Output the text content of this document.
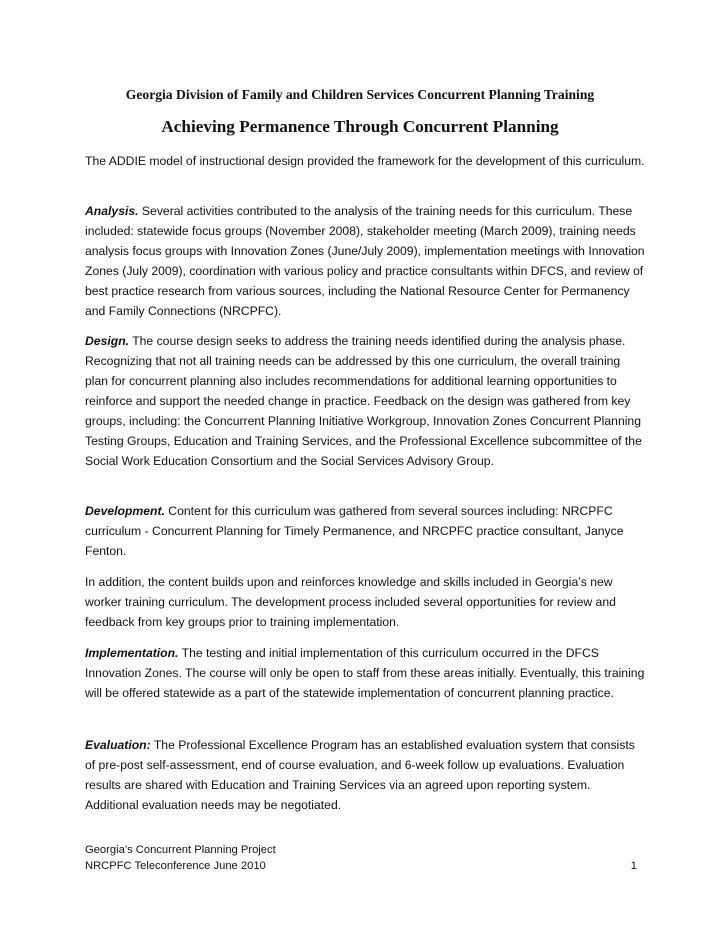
Georgia Division of Family and Children Services Concurrent Planning Training
Achieving Permanence Through Concurrent Planning

The ADDIE model of instructional design provided the framework for the development of this curriculum.

Analysis. Several activities contributed to the analysis of the training needs for this curriculum. These included: statewide focus groups (November 2008), stakeholder meeting (March 2009), training needs analysis focus groups with Innovation Zones (June/July 2009), implementation meetings with Innovation Zones (July 2009), coordination with various policy and practice consultants within DFCS, and review of best practice research from various sources, including the National Resource Center for Permanency and Family Connections (NRCPFC).

Design. The course design seeks to address the training needs identified during the analysis phase. Recognizing that not all training needs can be addressed by this one curriculum, the overall training plan for concurrent planning also includes recommendations for additional learning opportunities to reinforce and support the needed change in practice. Feedback on the design was gathered from key groups, including: the Concurrent Planning Initiative Workgroup, Innovation Zones Concurrent Planning Testing Groups, Education and Training Services, and the Professional Excellence subcommittee of the Social Work Education Consortium and the Social Services Advisory Group.

Development. Content for this curriculum was gathered from several sources including: NRCPFC curriculum - Concurrent Planning for Timely Permanence, and NRCPFC practice consultant, Janyce Fenton.

In addition, the content builds upon and reinforces knowledge and skills included in Georgia’s new worker training curriculum. The development process included several opportunities for review and feedback from key groups prior to training implementation.

Implementation. The testing and initial implementation of this curriculum occurred in the DFCS Innovation Zones. The course will only be open to staff from these areas initially. Eventually, this training will be offered statewide as a part of the statewide implementation of concurrent planning practice.

Evaluation: The Professional Excellence Program has an established evaluation system that consists of pre-post self-assessment, end of course evaluation, and 6-week follow up evaluations. Evaluation results are shared with Education and Training Services via an agreed upon reporting system. Additional evaluation needs may be negotiated.

Georgia’s Concurrent Planning Project
NRCPFC Teleconference June 2010	1
